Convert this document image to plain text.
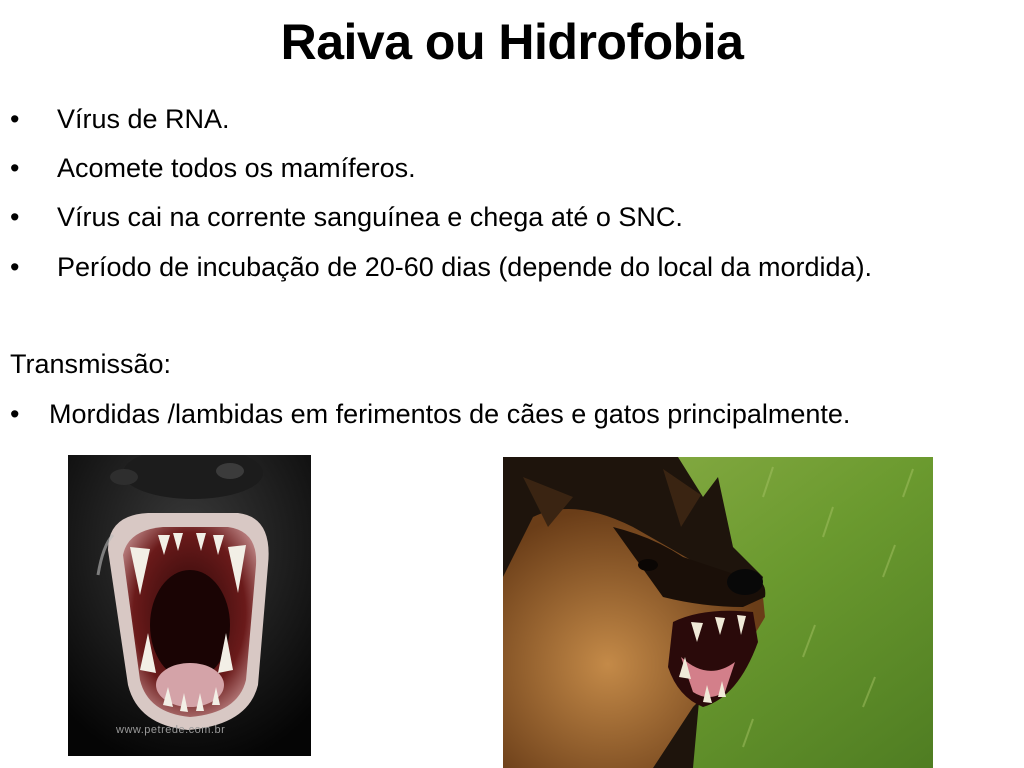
Raiva ou Hidrofobia
• Vírus de RNA.
• Acomete todos os mamíferos.
• Vírus cai na corrente sanguínea e chega até o SNC.
• Período de incubação de 20-60 dias (depende do local da mordida).
Transmissão:
• Mordidas /lambidas em ferimentos de cães e gatos principalmente.
www.petrede.com.br
